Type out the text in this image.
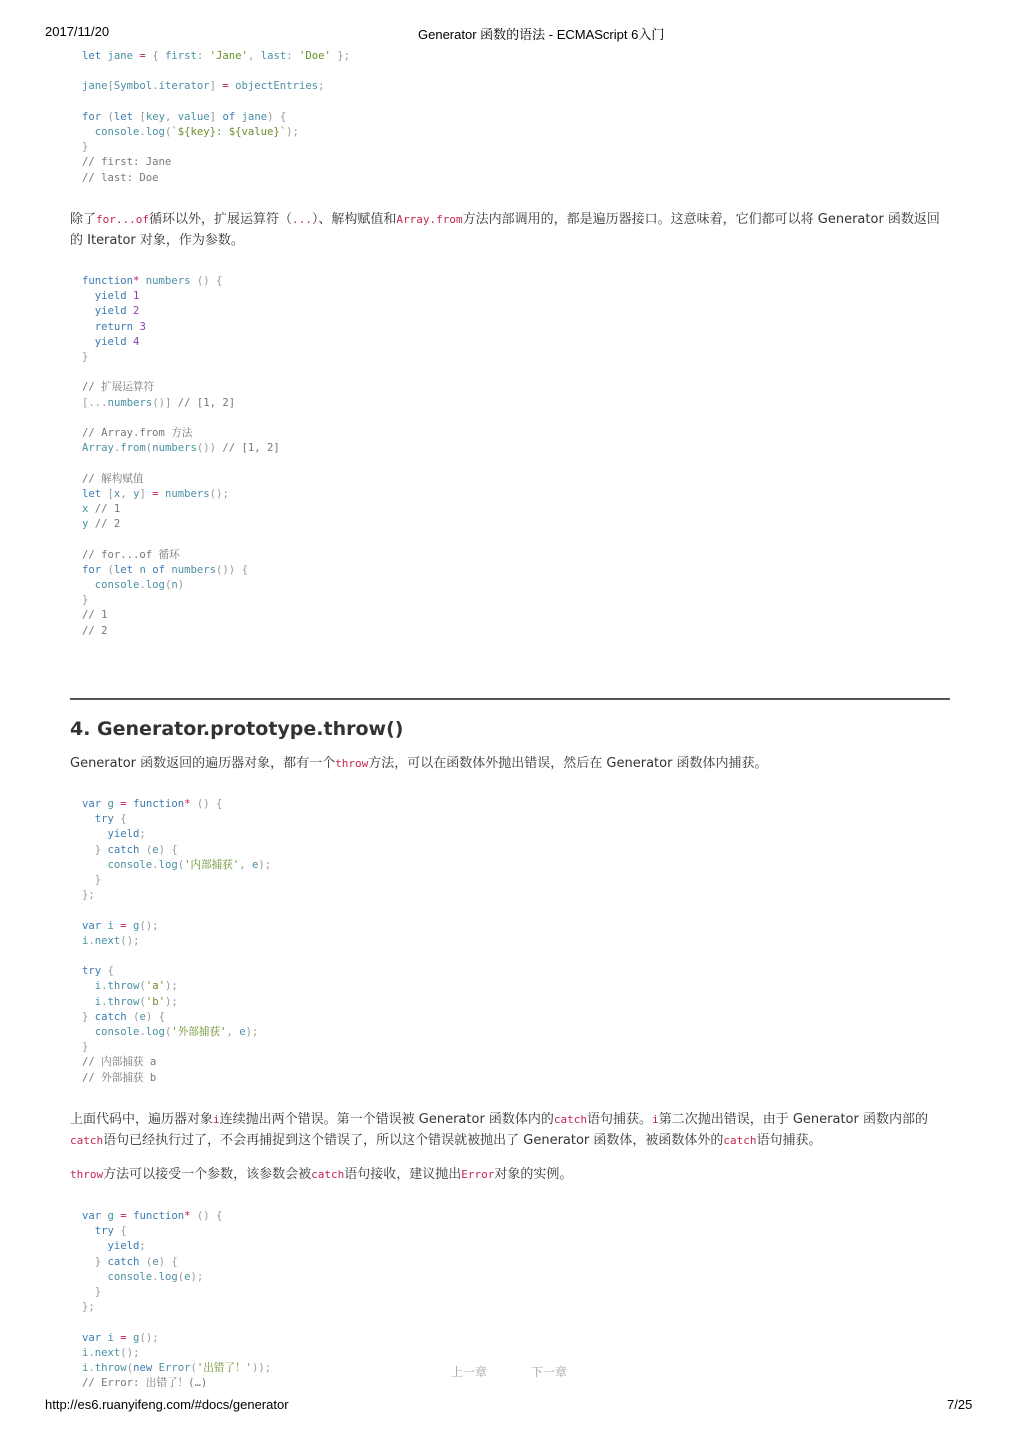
2017/11/20	Generator 函数的语法 - ECMAScript 6入门
let jane = { first: 'Jane', last: 'Doe' };

jane[Symbol.iterator] = objectEntries;

for (let [key, value] of jane) {
console.log(`${key}: ${value}`);
}
// first: Jane
// last: Doe
除了for...of循环以外，扩展运算符（...）、解构赋值和Array.from方法内部调用的，都是遍历器接口。这意味着，它们都可以将 Generator 函数返回的 Iterator 对象，作为参数。
function* numbers () {
yield 1
yield 2
return 3
yield 4
}

// 扩展运算符
[...numbers()] // [1, 2]

// Array.from 方法
Array.from(numbers()) // [1, 2]

// 解构赋值
let [x, y] = numbers();
x // 1
y // 2

// for...of 循环
for (let n of numbers()) {
console.log(n)
}
// 1
// 2
4. Generator.prototype.throw()
Generator 函数返回的遍历器对象，都有一个throw方法，可以在函数体外抛出错误，然后在 Generator 函数体内捕获。
var g = function* () {
try {
yield;
} catch (e) {
console.log('内部捕获', e);
}
};

var i = g();
i.next();

try {
i.throw('a');
i.throw('b');
} catch (e) {
console.log('外部捕获', e);
}
// 内部捕获 a
// 外部捕获 b
上面代码中，遍历器对象i连续抛出两个错误。第一个错误被 Generator 函数体内的catch语句捕获。i第二次抛出错误，由于 Generator 函数内部的catch语句已经执行过了，不会再捕捉到这个错误了，所以这个错误就被抛出了 Generator 函数体，被函数体外的catch语句捕获。
throw方法可以接受一个参数，该参数会被catch语句接收，建议抛出Error对象的实例。
var g = function* () {
try {
yield;
} catch (e) {
console.log(e);
}
};

var i = g();
i.next();
i.throw(new Error('出错了！'));
// Error: 出错了！(…)
上一章	下一章
http://es6.ruanyifeng.com/#docs/generator	7/25
